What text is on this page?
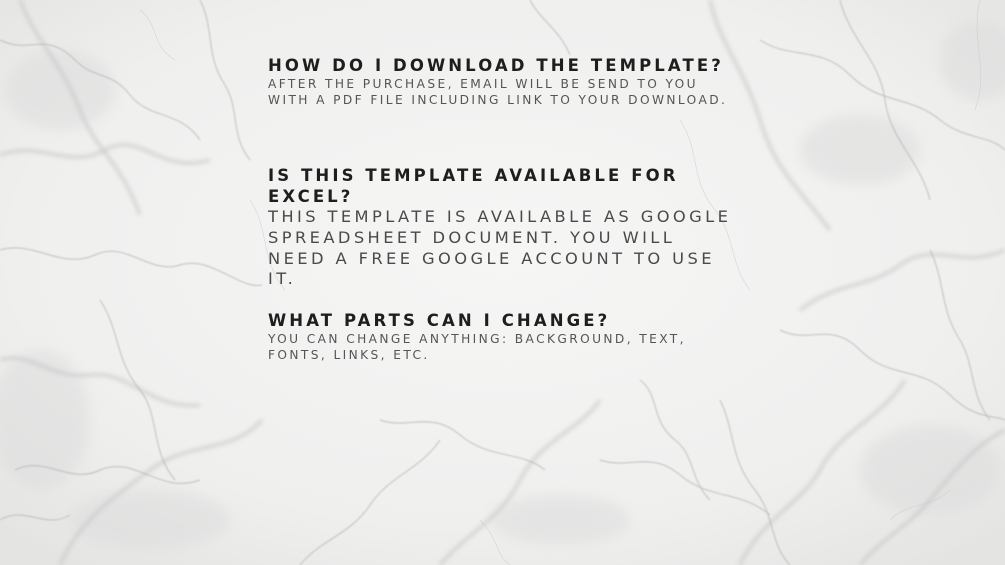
HOW DO I DOWNLOAD THE TEMPLATE?

AFTER THE PURCHASE, EMAIL WILL BE SEND TO YOU WITH A PDF FILE INCLUDING LINK TO YOUR DOWNLOAD.

IS THIS TEMPLATE AVAILABLE FOR EXCEL?

THIS TEMPLATE IS AVAILABLE AS GOOGLE SPREADSHEET DOCUMENT. YOU WILL NEED A FREE GOOGLE ACCOUNT TO USE IT.

WHAT PARTS CAN I CHANGE?

YOU CAN CHANGE ANYTHING: BACKGROUND, TEXT, FONTS, LINKS, ETC.
